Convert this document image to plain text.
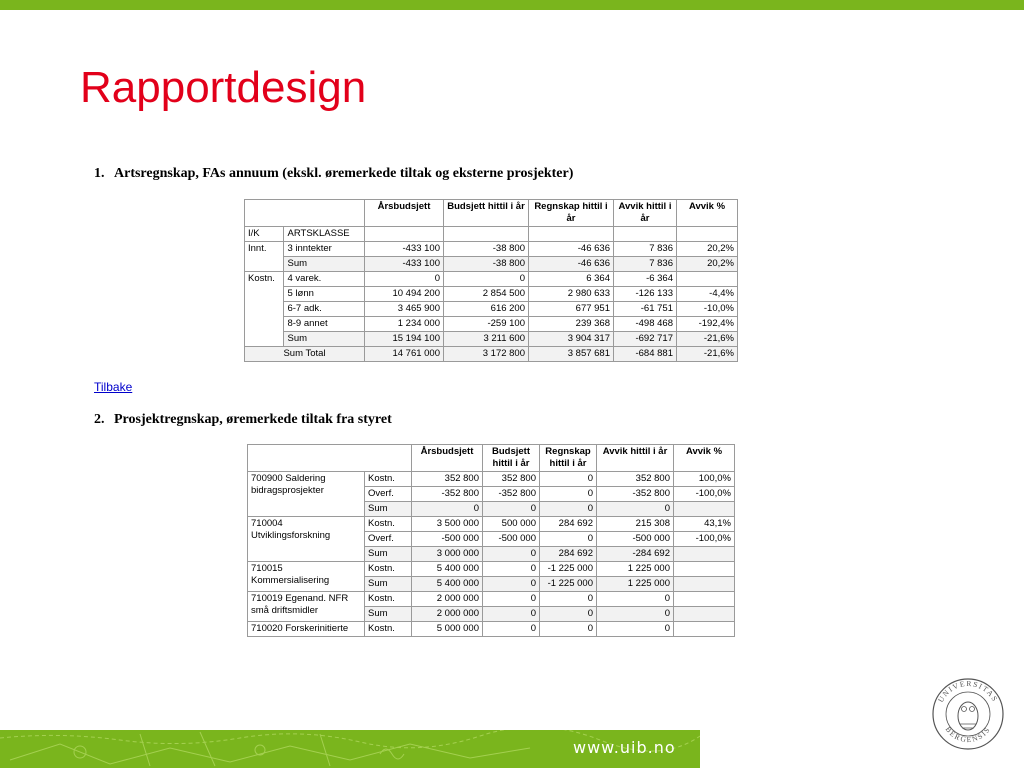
Rapportdesign
1. Artsregnskap, FAs annuum (ekskl. øremerkede tiltak og eksterne prosjekter)
		Årsbudsjett	Budsjett hittil i år	Regnskap hittil i år	Avvik hittil i år	Avvik %
I/K	ARTSKLASSE					
Innt.	3 inntekter	-433 100	-38 800	-46 636	7 836	20,2%
	Sum	-433 100	-38 800	-46 636	7 836	20,2%
Kostn.	4 varek.	0	0	6 364	-6 364	
	5 lønn	10 494 200	2 854 500	2 980 633	-126 133	-4,4%
	6-7 adk.	3 465 900	616 200	677 951	-61 751	-10,0%
	8-9 annet	1 234 000	-259 100	239 368	-498 468	-192,4%
	Sum	15 194 100	3 211 600	3 904 317	-692 717	-21,6%
Sum Total		14 761 000	3 172 800	3 857 681	-684 881	-21,6%
Tilbake
2. Prosjektregnskap, øremerkede tiltak fra styret
		Årsbudsjett	Budsjett hittil i år	Regnskap hittil i år	Avvik hittil i år	Avvik %
700900 Saldering bidragsprosjekter	Kostn.	352 800	352 800	0	352 800	100,0%
	Overf.	-352 800	-352 800	0	-352 800	-100,0%
	Sum	0	0	0	0	
710004 Utviklingsforskning	Kostn.	3 500 000	500 000	284 692	215 308	43,1%
	Overf.	-500 000	-500 000	0	-500 000	-100,0%
	Sum	3 000 000	0	284 692	-284 692	
710015 Kommersialisering	Kostn.	5 400 000	0	-1 225 000	1 225 000	
	Sum	5 400 000	0	-1 225 000	1 225 000	
710019 Egenand. NFR små driftsmidler	Kostn.	2 000 000	0	0	0	
	Sum	2 000 000	0	0	0	
710020 Forskerinitierte	Kostn.	5 000 000	0	0	0	
www.uib.no
UNIVERSITAS
BERGENSIS
